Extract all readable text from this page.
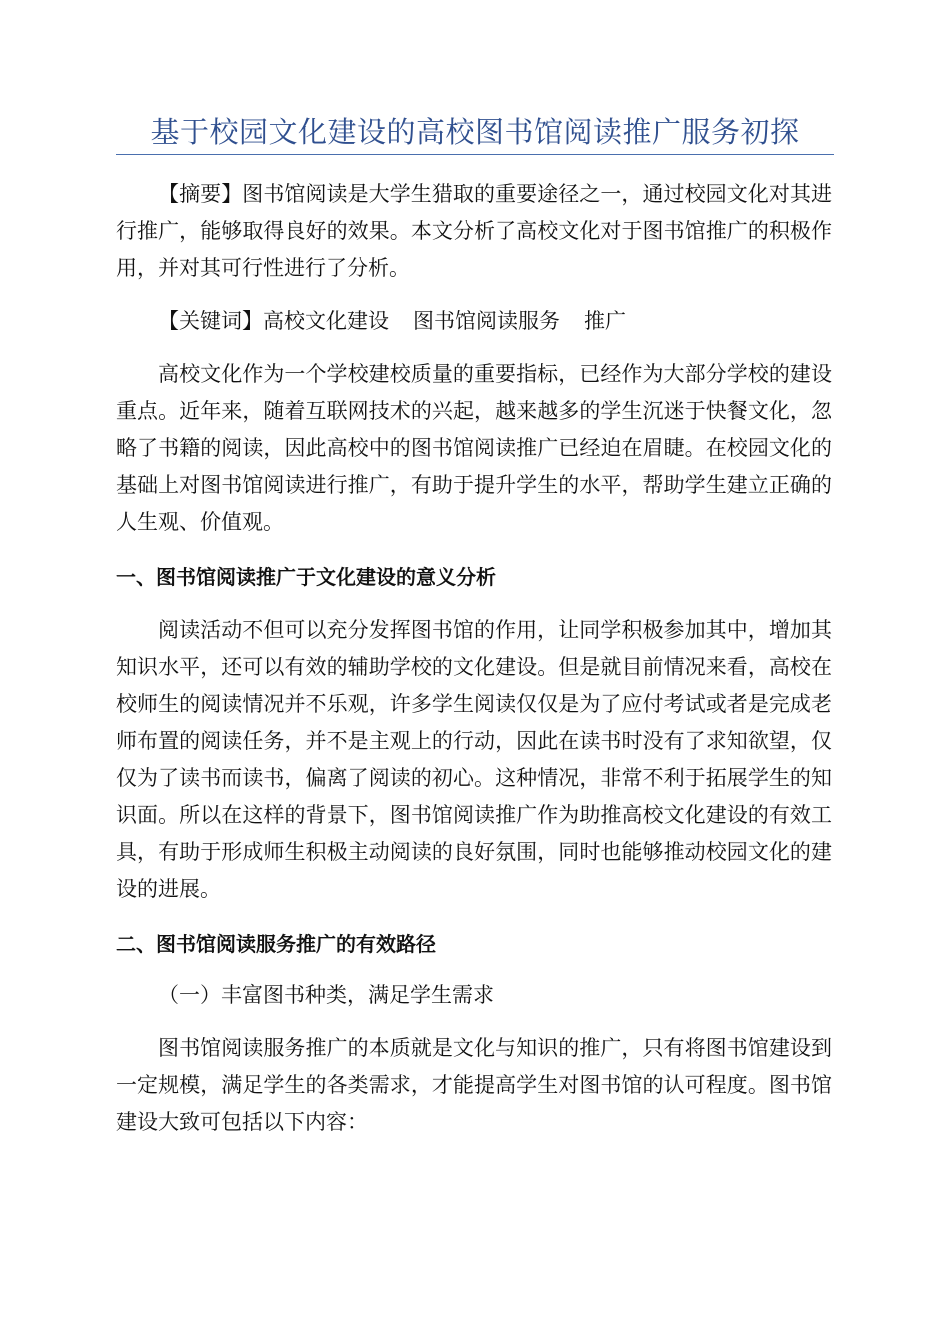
基于校园文化建设的高校图书馆阅读推广服务初探

【摘要】图书馆阅读是大学生猎取的重要途径之一，通过校园文化对其进行推广，能够取得良好的效果。本文分析了高校文化对于图书馆推广的积极作用，并对其可行性进行了分析。

【关键词】高校文化建设 图书馆阅读服务 推广

高校文化作为一个学校建校质量的重要指标，已经作为大部分学校的建设重点。近年来，随着互联网技术的兴起，越来越多的学生沉迷于快餐文化，忽略了书籍的阅读，因此高校中的图书馆阅读推广已经迫在眉睫。在校园文化的基础上对图书馆阅读进行推广，有助于提升学生的水平，帮助学生建立正确的人生观、价值观。

一、图书馆阅读推广于文化建设的意义分析

阅读活动不但可以充分发挥图书馆的作用，让同学积极参加其中，增加其知识水平，还可以有效的辅助学校的文化建设。但是就目前情况来看，高校在校师生的阅读情况并不乐观，许多学生阅读仅仅是为了应付考试或者是完成老师布置的阅读任务，并不是主观上的行动，因此在读书时没有了求知欲望，仅仅为了读书而读书，偏离了阅读的初心。这种情况，非常不利于拓展学生的知识面。所以在这样的背景下，图书馆阅读推广作为助推高校文化建设的有效工具，有助于形成师生积极主动阅读的良好氛围，同时也能够推动校园文化的建设的进展。

二、图书馆阅读服务推广的有效路径

（一）丰富图书种类，满足学生需求

图书馆阅读服务推广的本质就是文化与知识的推广，只有将图书馆建设到一定规模，满足学生的各类需求，才能提高学生对图书馆的认可程度。图书馆建设大致可包括以下内容：
